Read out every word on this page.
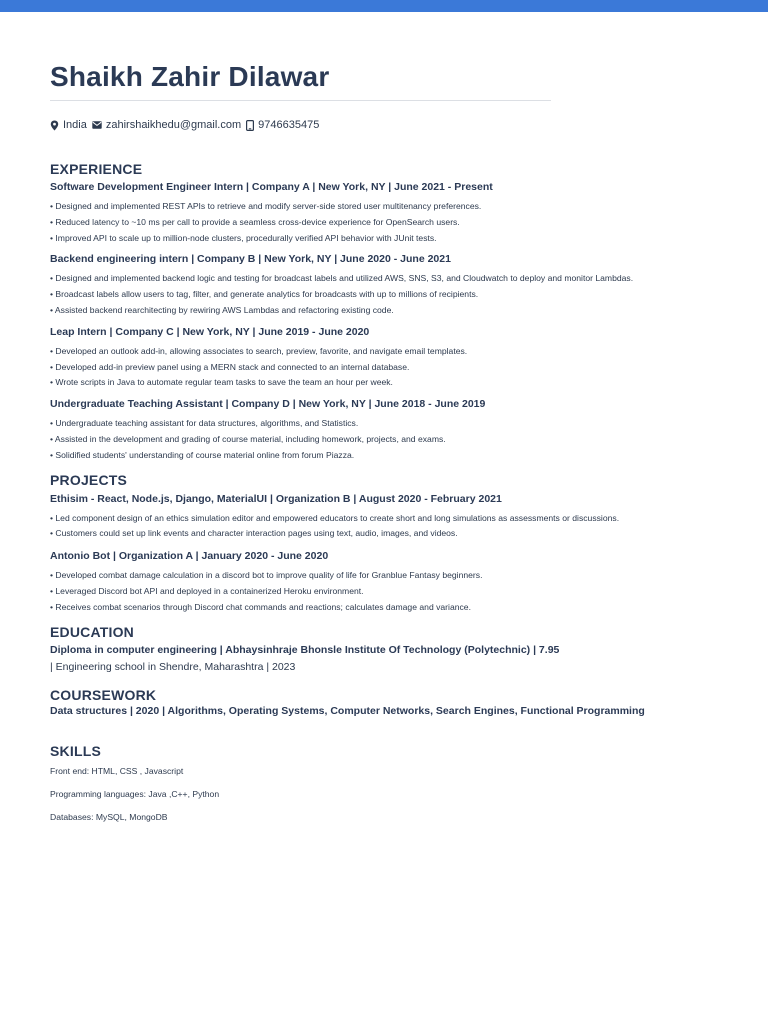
Shaikh Zahir Dilawar
India zahirshaikhedu@gmail.com 9746635475
EXPERIENCE
Software Development Engineer Intern | Company A | New York, NY | June 2021 - Present
• Designed and implemented REST APIs to retrieve and modify server-side stored user multitenancy preferences.
• Reduced latency to ~10 ms per call to provide a seamless cross-device experience for OpenSearch users.
• Improved API to scale up to million-node clusters, procedurally verified API behavior with JUnit tests.
Backend engineering intern | Company B | New York, NY | June 2020 - June 2021
• Designed and implemented backend logic and testing for broadcast labels and utilized AWS, SNS, S3, and Cloudwatch to deploy and monitor Lambdas.
• Broadcast labels allow users to tag, filter, and generate analytics for broadcasts with up to millions of recipients.
• Assisted backend rearchitecting by rewiring AWS Lambdas and refactoring existing code.
Leap Intern | Company C | New York, NY | June 2019 - June 2020
• Developed an outlook add-in, allowing associates to search, preview, favorite, and navigate email templates.
• Developed add-in preview panel using a MERN stack and connected to an internal database.
• Wrote scripts in Java to automate regular team tasks to save the team an hour per week.
Undergraduate Teaching Assistant | Company D | New York, NY | June 2018 - June 2019
• Undergraduate teaching assistant for data structures, algorithms, and Statistics.
• Assisted in the development and grading of course material, including homework, projects, and exams.
• Solidified students' understanding of course material online from forum Piazza.
PROJECTS
Ethisim - React, Node.js, Django, MaterialUI | Organization B | August 2020 - February 2021
• Led component design of an ethics simulation editor and empowered educators to create short and long simulations as assessments or discussions.
• Customers could set up link events and character interaction pages using text, audio, images, and videos.
Antonio Bot | Organization A | January 2020 - June 2020
• Developed combat damage calculation in a discord bot to improve quality of life for Granblue Fantasy beginners.
• Leveraged Discord bot API and deployed in a containerized Heroku environment.
• Receives combat scenarios through Discord chat commands and reactions; calculates damage and variance.
EDUCATION
Diploma in computer engineering | Abhaysinhraje Bhonsle Institute Of Technology (Polytechnic) | 7.95
| Engineering school in Shendre, Maharashtra | 2023
COURSEWORK
Data structures | 2020 | Algorithms, Operating Systems, Computer Networks, Search Engines, Functional Programming
SKILLS
Front end: HTML, CSS , Javascript
Programming languages: Java ,C++, Python
Databases: MySQL, MongoDB
